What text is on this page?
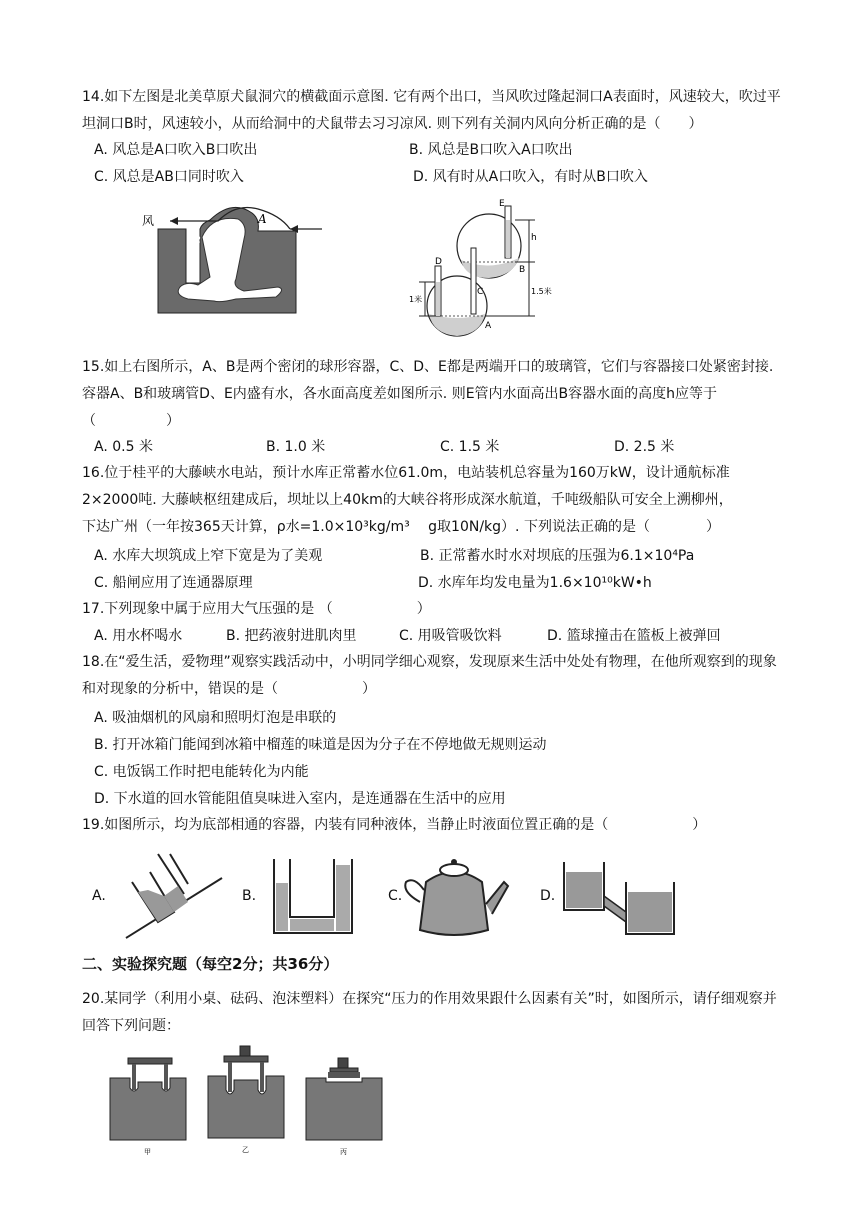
14.如下左图是北美草原犬鼠洞穴的横截面示意图. 它有两个出口，当风吹过隆起洞口A表面时，风速较大，吹过平坦洞口B时，风速较小，从而给洞中的犬鼠带去习习凉风. 则下列有关洞内风向分析正确的是（　　）
A. 风总是A口吹入B口吹出	B. 风总是B口吹入A口吹出
C. 风总是AB口同时吹入	D. 风有时从A口吹入，有时从B口吹入
风
B
A
E
D
C
B
A
h
1米
1.5米
15.如上右图所示，A、B是两个密闭的球形容器，C、D、E都是两端开口的玻璃管，它们与容器接口处紧密封接. 容器A、B和玻璃管D、E内盛有水，各水面高度差如图所示. 则E管内水面高出B容器水面的高度h应等于（　　　　　）
A. 0.5 米	B. 1.0 米	C. 1.5 米	D. 2.5 米
16.位于桂平的大藤峡水电站，预计水库正常蓄水位61.0m，电站装机总容量为160万kW，设计通航标准
2×2000吨. 大藤峡枢纽建成后，坝址以上40km的大峡谷将形成深水航道，千吨级船队可安全上溯柳州，
下达广州（一年按365天计算，ρ水=1.0×10³kg/m³　 g取10N/kg）. 下列说法正确的是（　　　　）
A. 水库大坝筑成上窄下宽是为了美观	B. 正常蓄水时水对坝底的压强为6.1×10⁴Pa
C. 船闸应用了连通器原理	D. 水库年均发电量为1.6×10¹⁰kW•h
17.下列现象中属于应用大气压强的是 （　　　　　　）
A. 用水杯喝水	B. 把药液射进肌肉里	C. 用吸管吸饮料	D. 篮球撞击在篮板上被弹回
18.在“爱生活，爱物理”观察实践活动中，小明同学细心观察，发现原来生活中处处有物理，在他所观察到的现象和对现象的分析中，错误的是（　　　　　　）
A. 吸油烟机的风扇和照明灯泡是串联的
B. 打开冰箱门能闻到冰箱中榴莲的味道是因为分子在不停地做无规则运动
C. 电饭锅工作时把电能转化为内能
D. 下水道的回水管能阻值臭味进入室内，是连通器在生活中的应用
19.如图所示，均为底部相通的容器，内装有同种液体，当静止时液面位置正确的是（　　　　　　）
A.	B.	C.	D.
二、实验探究题（每空2分；共36分）
20.某同学（利用小桌、砝码、泡沫塑料）在探究“压力的作用效果跟什么因素有关”时，如图所示，请仔细观察并回答下列问题：
甲	乙	丙
